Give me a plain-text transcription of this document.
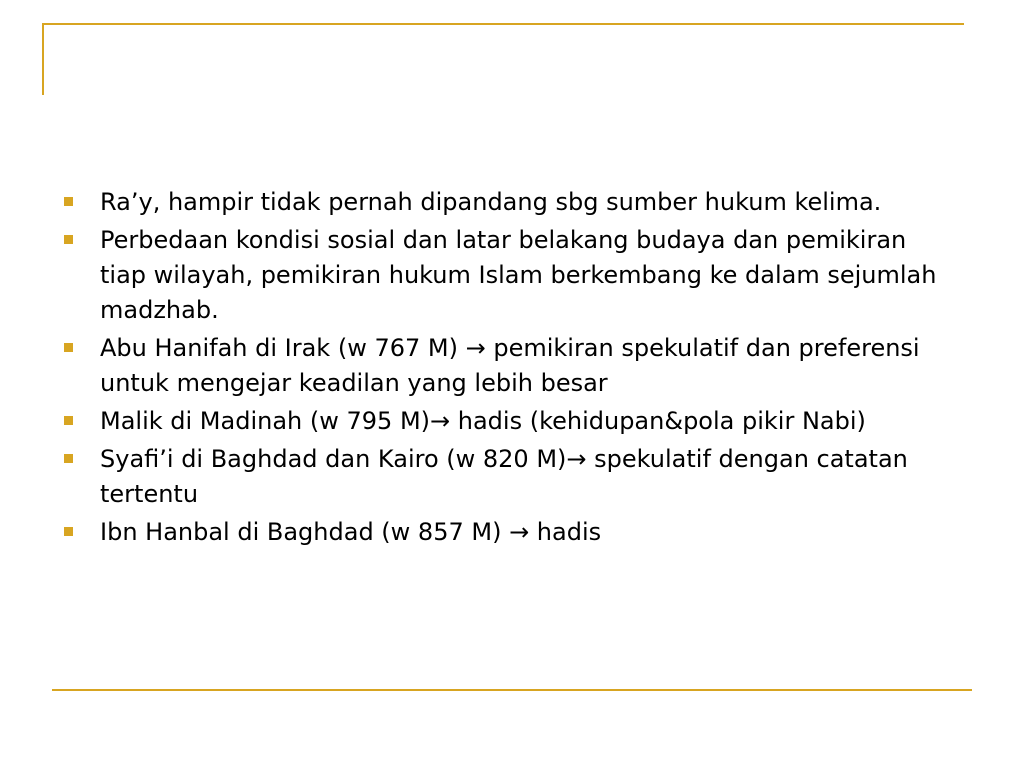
Ra’y, hampir tidak pernah dipandang sbg sumber hukum kelima.
Perbedaan kondisi sosial dan latar belakang budaya dan pemikiran tiap wilayah, pemikiran hukum Islam berkembang ke dalam sejumlah madzhab.
Abu Hanifah di Irak (w 767 M) → pemikiran spekulatif dan preferensi untuk mengejar keadilan yang lebih besar
Malik di Madinah (w 795 M)→ hadis (kehidupan&pola pikir Nabi)
Syafi’i di Baghdad dan Kairo (w 820 M)→ spekulatif dengan catatan tertentu
Ibn Hanbal di Baghdad (w 857 M) → hadis
